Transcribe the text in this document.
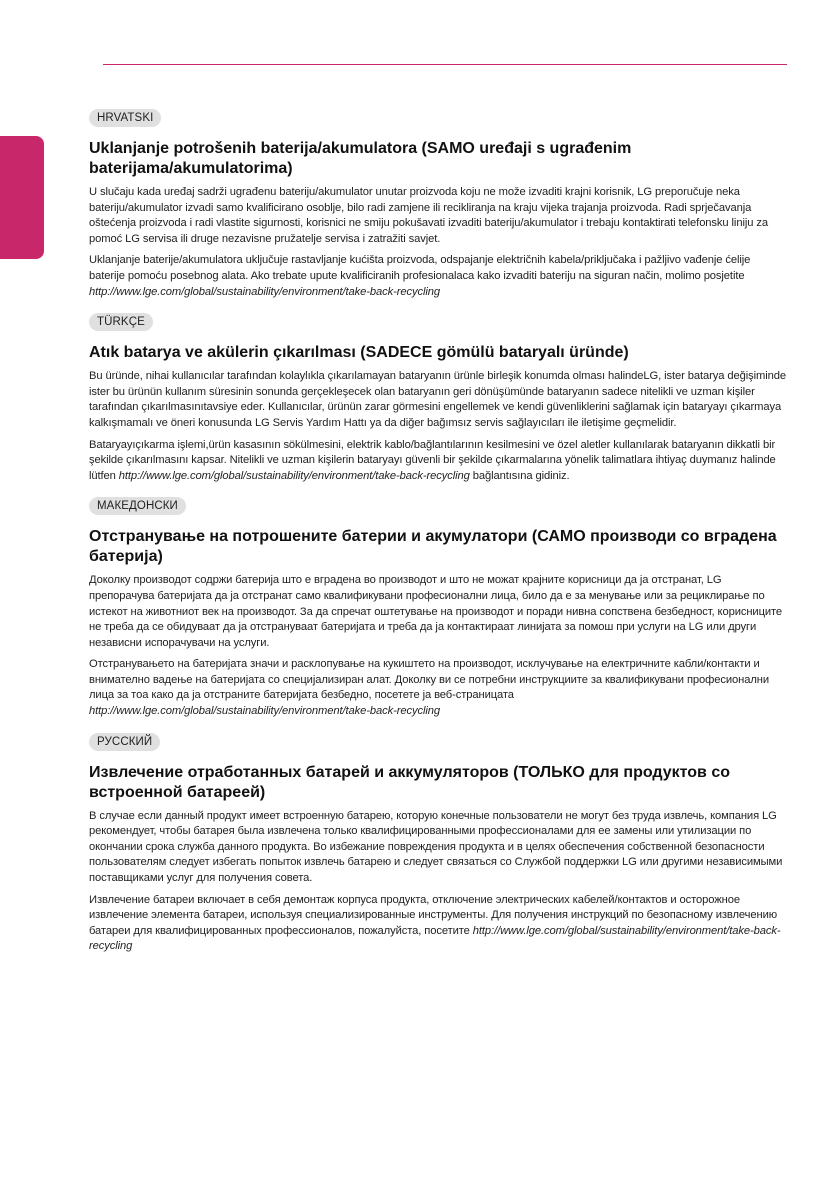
HRVATSKI
Uklanjanje potrošenih baterija/akumulatora (SAMO uređaji s ugrađenim baterijama/akumulatorima)

U slučaju kada uređaj sadrži ugrađenu bateriju/akumulator unutar proizvoda koju ne može izvaditi krajni korisnik, LG preporučuje neka bateriju/akumulator izvadi samo kvalificirano osoblje, bilo radi zamjene ili recikliranja na kraju vijeka trajanja proizvoda. Radi sprječavanja oštećenja proizvoda i radi vlastite sigurnosti, korisnici ne smiju pokušavati izvaditi bateriju/akumulator i trebaju kontaktirati telefonsku liniju za pomoć LG servisa ili druge nezavisne pružatelje servisa i zatražiti savjet.

Uklanjanje baterije/akumulatora uključuje rastavljanje kućišta proizvoda, odspajanje električnih kabela/priključaka i pažljivo vađenje ćelije baterije pomoću posebnog alata. Ako trebate upute kvalificiranih profesionalaca kako izvaditi bateriju na siguran način, molimo posjetite http://www.lge.com/global/sustainability/environment/take-back-recycling

TÜRKÇE
Atık batarya ve akülerin çıkarılması (SADECE gömülü bataryalı üründe)

Bu üründe, nihai kullanıcılar tarafından kolaylıkla çıkarılamayan bataryanın ürünle birleşik konumda olması halindeLG, ister batarya değişiminde ister bu ürünün kullanım süresinin sonunda gerçekleşecek olan bataryanın geri dönüşümünde bataryanın sadece nitelikli ve uzman kişiler tarafından çıkarılmasınıtavsiye eder. Kullanıcılar, ürünün zarar görmesini engellemek ve kendi güvenliklerini sağlamak için bataryayı çıkarmaya kalkışmamalı ve öneri konusunda LG Servis Yardım Hattı ya da diğer bağımsız servis sağlayıcıları ile iletişime geçmelidir.

Bataryayıçıkarma işlemi,ürün kasasının sökülmesini, elektrik kablo/bağlantılarının kesilmesini ve özel aletler kullanılarak bataryanın dikkatli bir şekilde çıkarılmasını kapsar. Nitelikli ve uzman kişilerin bataryayı güvenli bir şekilde çıkarmalarına yönelik talimatlara ihtiyaç duymanız halinde lütfen http://www.lge.com/global/sustainability/environment/take-back-recycling bağlantısına gidiniz.

МАКЕДОНСКИ
Отстранување на потрошените батерии и акумулатори (САМО производи со вградена батерија)

Доколку производот содржи батерија што е вградена во производот и што не можат крајните корисници да ја отстранат, LG препорачува батеријата да ја отстранат само квалификувани професионални лица, било да е за менување или за рециклирање по истекот на животниот век на производот. За да спречат оштетување на производот и поради нивна сопствена безбедност, корисниците не треба да се обидуваат да ја отстрануваат батеријата и треба да ја контактираат линијата за помош при услуги на LG или други независни испорачувачи на услуги.

Отстранувањето на батеријата значи и расклопување на кукиштето на производот, исклучување на електричните кабли/контакти и внимателно вадење на батеријата со специјализиран алат. Доколку ви се потребни инструкциите за квалификувани професионални лица за тоа како да ја отстраните батеријата безбедно, посетете ја веб-страницата http://www.lge.com/global/sustainability/environment/take-back-recycling

РУССКИЙ
Извлечение отработанных батарей и аккумуляторов (ТОЛЬКО для продуктов со встроенной батареей)

В случае если данный продукт имеет встроенную батарею, которую конечные пользователи не могут без труда извлечь, компания LG рекомендует, чтобы батарея была извлечена только квалифицированными профессионалами для ее замены или утилизации по окончании срока служба данного продукта. Во избежание повреждения продукта и в целях обеспечения собственной безопасности пользователям следует избегать попыток извлечь батарею и следует связаться со Службой поддержки LG или другими независимыми поставщиками услуг для получения совета.

Извлечение батареи включает в себя демонтаж корпуса продукта, отключение электрических кабелей/контактов и осторожное извлечение элемента батареи, используя специализированные инструменты. Для получения инструкций по безопасному извлечению батареи для квалифицированных профессионалов, пожалуйста, посетите http://www.lge.com/global/sustainability/environment/take-back-recycling
